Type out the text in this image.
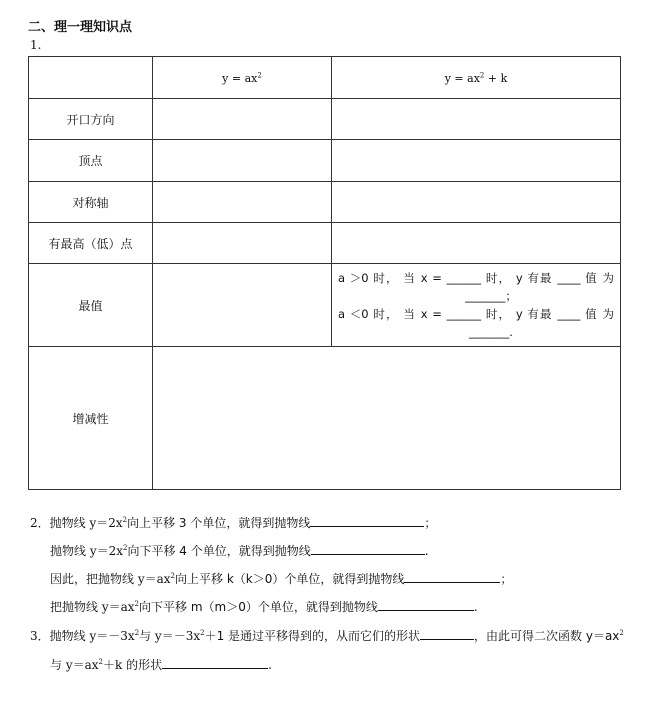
二、理一理知识点
1.
	$y = ax^2$	$y = ax^2 + k$
开口方向		
顶点		
对称轴		
有最高（低）点		
最值		a ＞0 时， 当 x = ______ 时， y 有最 ____ 值 为
_______；
a ＜0 时， 当 x = ______ 时， y 有最 ____ 值 为
_______.

增减性		

2．抛物线 $y=2x^2$向上平移 3 个单位，就得到抛物线	；

抛物线 $y=2x^2$向下平移 4 个单位，就得到抛物线	.

因此，把抛物线 $y=ax^2$向上平移 k（k＞0）个单位，就得到抛物线	；

把抛物线 $y=ax^2$向下平移 m（m＞0）个单位，就得到抛物线	.

3．抛物线 $y=-3x^2$与 $y=-3x^2+1$ 是通过平移得到的，从而它们的形状	，由此可得二次函数 $y=ax^2$

与 $y=ax^2+k$ 的形状	.
